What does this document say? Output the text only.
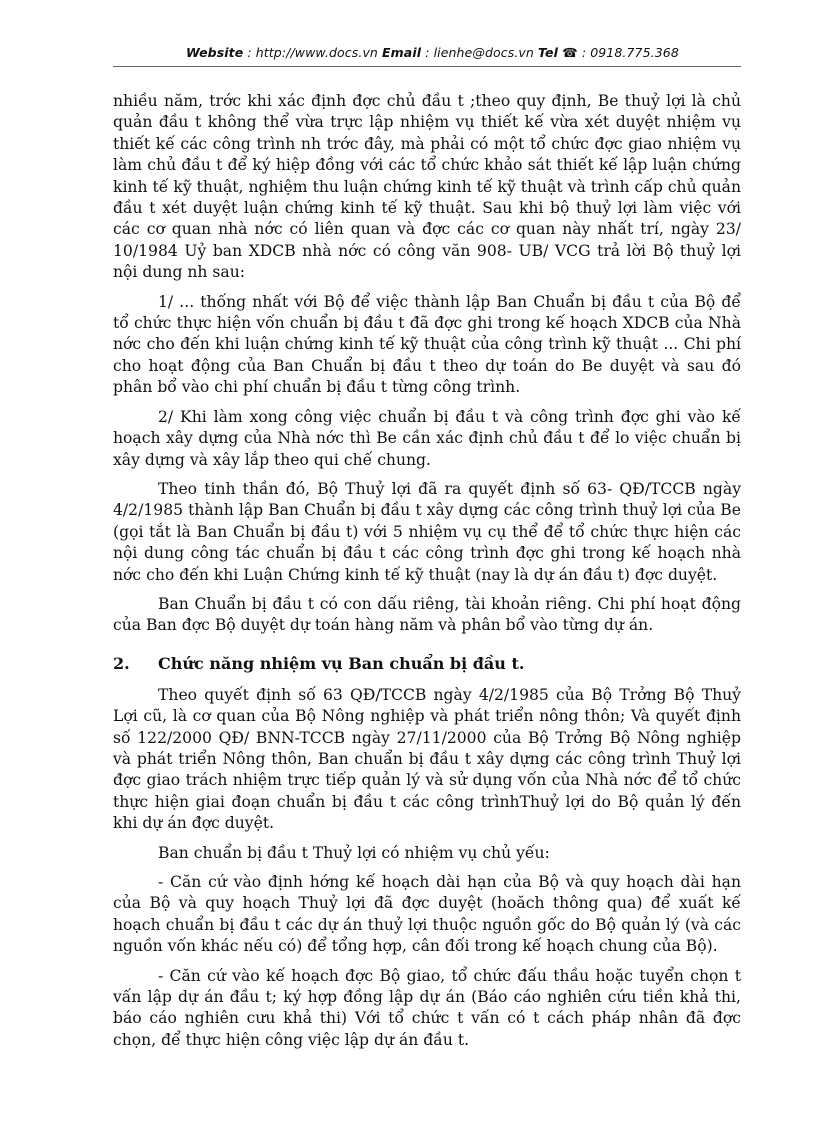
Website : http://www.docs.vn Email : lienhe@docs.vn Tel ☎ : 0918.775.368

nhiều năm, trớc khi xác định đợc chủ đầu t ;theo quy định, Be thuỷ lợi là chủ quản đầu t không thể vừa trực lập nhiệm vụ thiết kế vừa xét duyệt nhiệm vụ thiết kế các công trình nh trớc đây, mà phải có một tổ chức đợc giao nhiệm vụ làm chủ đầu t để ký hiệp đồng với các tổ chức khảo sát thiết kế lập luận chứng kinh tế kỹ thuật, nghiệm thu luận chứng kinh tế kỹ thuật và trình cấp chủ quản đầu t xét duyệt luận chứng kinh tế kỹ thuật. Sau khi bộ thuỷ lợi làm việc với các cơ quan nhà nớc có liên quan và đợc các cơ quan này nhất trí, ngày 23/ 10/1984 Uỷ ban XDCB nhà nớc có công văn 908- UB/ VCG trả lời Bộ thuỷ lợi nội dung nh sau:

1/ ... thống nhất với Bộ để việc thành lập Ban Chuẩn bị đầu t của Bộ để tổ chức thực hiện vốn chuẩn bị đầu t đã đợc ghi trong kế hoạch XDCB của Nhà nớc cho đến khi luận chứng kinh tế kỹ thuật của công trình kỹ thuật ... Chi phí cho hoạt động của Ban Chuẩn bị đầu t theo dự toán do Be duyệt và sau đó phân bổ vào chi phí chuẩn bị đầu t từng công trình.

2/ Khi làm xong công việc chuẩn bị đầu t và công trình đợc ghi vào kế hoạch xây dựng của Nhà nớc thì Be cần xác định chủ đầu t để lo việc chuẩn bị xây dựng và xây lắp theo qui chế chung.

Theo tinh thần đó, Bộ Thuỷ lợi đã ra quyết định số 63- QĐ/TCCB ngày 4/2/1985 thành lập Ban Chuẩn bị đầu t xây dựng các công trình thuỷ lợi của Be (gọi tắt là Ban Chuẩn bị đầu t) với 5 nhiệm vụ cụ thể để tổ chức thực hiện các nội dung công tác chuẩn bị đầu t các công trình đợc ghi trong kế hoạch nhà nớc cho đến khi Luận Chứng kinh tế kỹ thuật (nay là dự án đầu t) đợc duyệt.

Ban Chuẩn bị đầu t có con dấu riêng, tài khoản riêng. Chi phí hoạt động của Ban đợc Bộ duyệt dự toán hàng năm và phân bổ vào từng dự án.

2. Chức năng nhiệm vụ Ban chuẩn bị đầu t.

Theo quyết định số 63 QĐ/TCCB ngày 4/2/1985 của Bộ Trởng Bộ Thuỷ Lợi cũ, là cơ quan của Bộ Nông nghiệp và phát triển nông thôn; Và quyết định số 122/2000 QĐ/ BNN-TCCB ngày 27/11/2000 của Bộ Trởng Bộ Nông nghiệp và phát triển Nông thôn, Ban chuẩn bị đầu t xây dựng các công trình Thuỷ lợi đợc giao trách nhiệm trực tiếp quản lý và sử dụng vốn của Nhà nớc để tổ chức thực hiện giai đoạn chuẩn bị đầu t các công trìnhThuỷ lợi do Bộ quản lý đến khi dự án đợc duyệt.

Ban chuẩn bị đầu t Thuỷ lợi có nhiệm vụ chủ yếu:

- Căn cứ vào định hớng kế hoạch dài hạn của Bộ và quy hoạch dài hạn của Bộ và quy hoạch Thuỷ lợi đã đợc duyệt (hoăch thông qua) để xuất kế hoạch chuẩn bị đầu t các dự án thuỷ lợi thuộc nguồn gốc do Bộ quản lý (và các nguồn vốn khác nếu có) để tổng hợp, cân đối trong kế hoạch chung của Bộ).

- Căn cứ vào kế hoạch đợc Bộ giao, tổ chức đấu thầu hoặc tuyển chọn t vấn lập dự án đầu t; ký hợp đồng lập dự án (Báo cáo nghiên cứu tiền khả thi, báo cáo nghiên cưu khả thi) Với tổ chức t vấn có t cách pháp nhân đã đợc chọn, để thực hiện công việc lập dự án đầu t.
